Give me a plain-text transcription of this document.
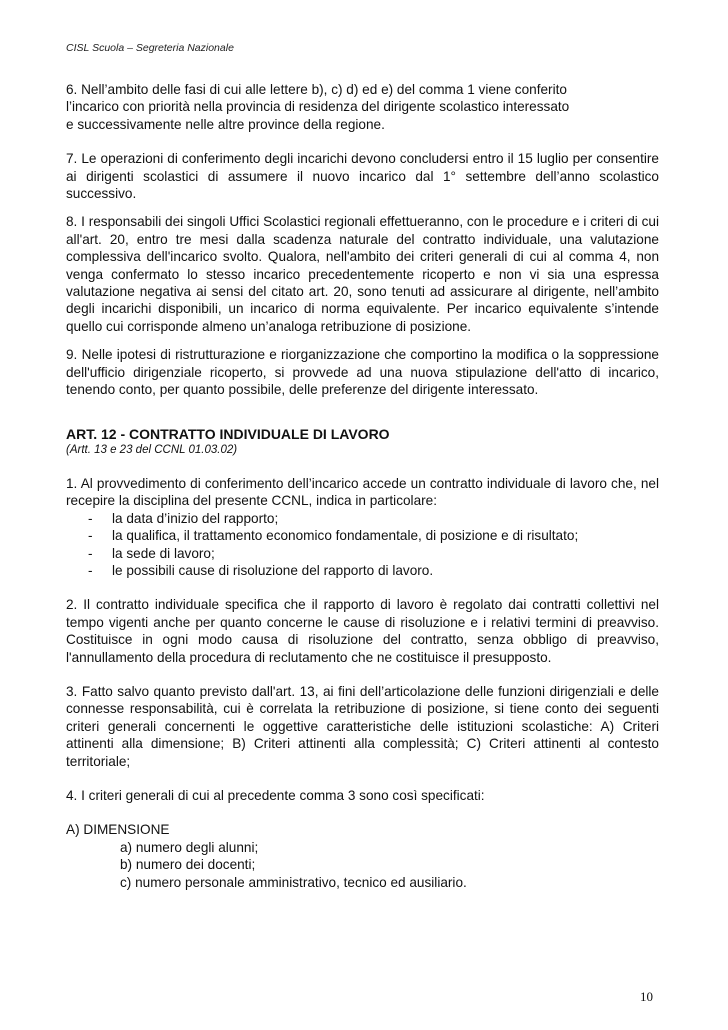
CISL Scuola – Segreteria Nazionale

6. Nell’ambito delle fasi di cui alle lettere b), c) d) ed e) del comma 1 viene conferito
l’incarico con priorità nella provincia di residenza del dirigente scolastico interessato
e successivamente nelle altre province della regione.

7. Le operazioni di conferimento degli incarichi devono concludersi entro il 15 luglio per consentire ai dirigenti scolastici di assumere il nuovo incarico dal 1° settembre dell’anno scolastico successivo.

8. I responsabili dei singoli Uffici Scolastici regionali effettueranno, con le procedure e i criteri di cui all'art. 20, entro tre mesi dalla scadenza naturale del contratto individuale, una valutazione complessiva dell'incarico svolto. Qualora, nell'ambito dei criteri generali di cui al comma 4, non venga confermato lo stesso incarico precedentemente ricoperto e non vi sia una espressa valutazione negativa ai sensi del citato art. 20, sono tenuti ad assicurare al dirigente, nell’ambito degli incarichi disponibili, un incarico di norma equivalente. Per incarico equivalente s’intende quello cui corrisponde almeno un’analoga retribuzione di posizione.

9. Nelle ipotesi di ristrutturazione e riorganizzazione che comportino la modifica o la soppressione dell'ufficio dirigenziale ricoperto, si provvede ad una nuova stipulazione dell'atto di incarico, tenendo conto, per quanto possibile, delle preferenze del dirigente interessato.

ART. 12 - CONTRATTO INDIVIDUALE DI LAVORO

(Artt. 13 e 23 del CCNL 01.03.02)

1. Al provvedimento di conferimento dell’incarico accede un contratto individuale di lavoro che, nel recepire la disciplina del presente CCNL, indica in particolare:

- la data d’inizio del rapporto;
- la qualifica, il trattamento economico fondamentale, di posizione e di risultato;
- la sede di lavoro;
- le possibili cause di risoluzione del rapporto di lavoro.

2. Il contratto individuale specifica che il rapporto di lavoro è regolato dai contratti collettivi nel tempo vigenti anche per quanto concerne le cause di risoluzione e i relativi termini di preavviso. Costituisce in ogni modo causa di risoluzione del contratto, senza obbligo di preavviso, l'annullamento della procedura di reclutamento che ne costituisce il presupposto.

3. Fatto salvo quanto previsto dall'art. 13, ai fini dell’articolazione delle funzioni dirigenziali e delle connesse responsabilità, cui è correlata la retribuzione di posizione, si tiene conto dei seguenti criteri generali concernenti le oggettive caratteristiche delle istituzioni scolastiche: A) Criteri attinenti alla dimensione; B) Criteri attinenti alla complessità; C) Criteri attinenti al contesto territoriale;

4. I criteri generali di cui al precedente comma 3 sono così specificati:

A) DIMENSIONE

a) numero degli alunni;

b) numero dei docenti;

c) numero personale amministrativo, tecnico ed ausiliario.

10
